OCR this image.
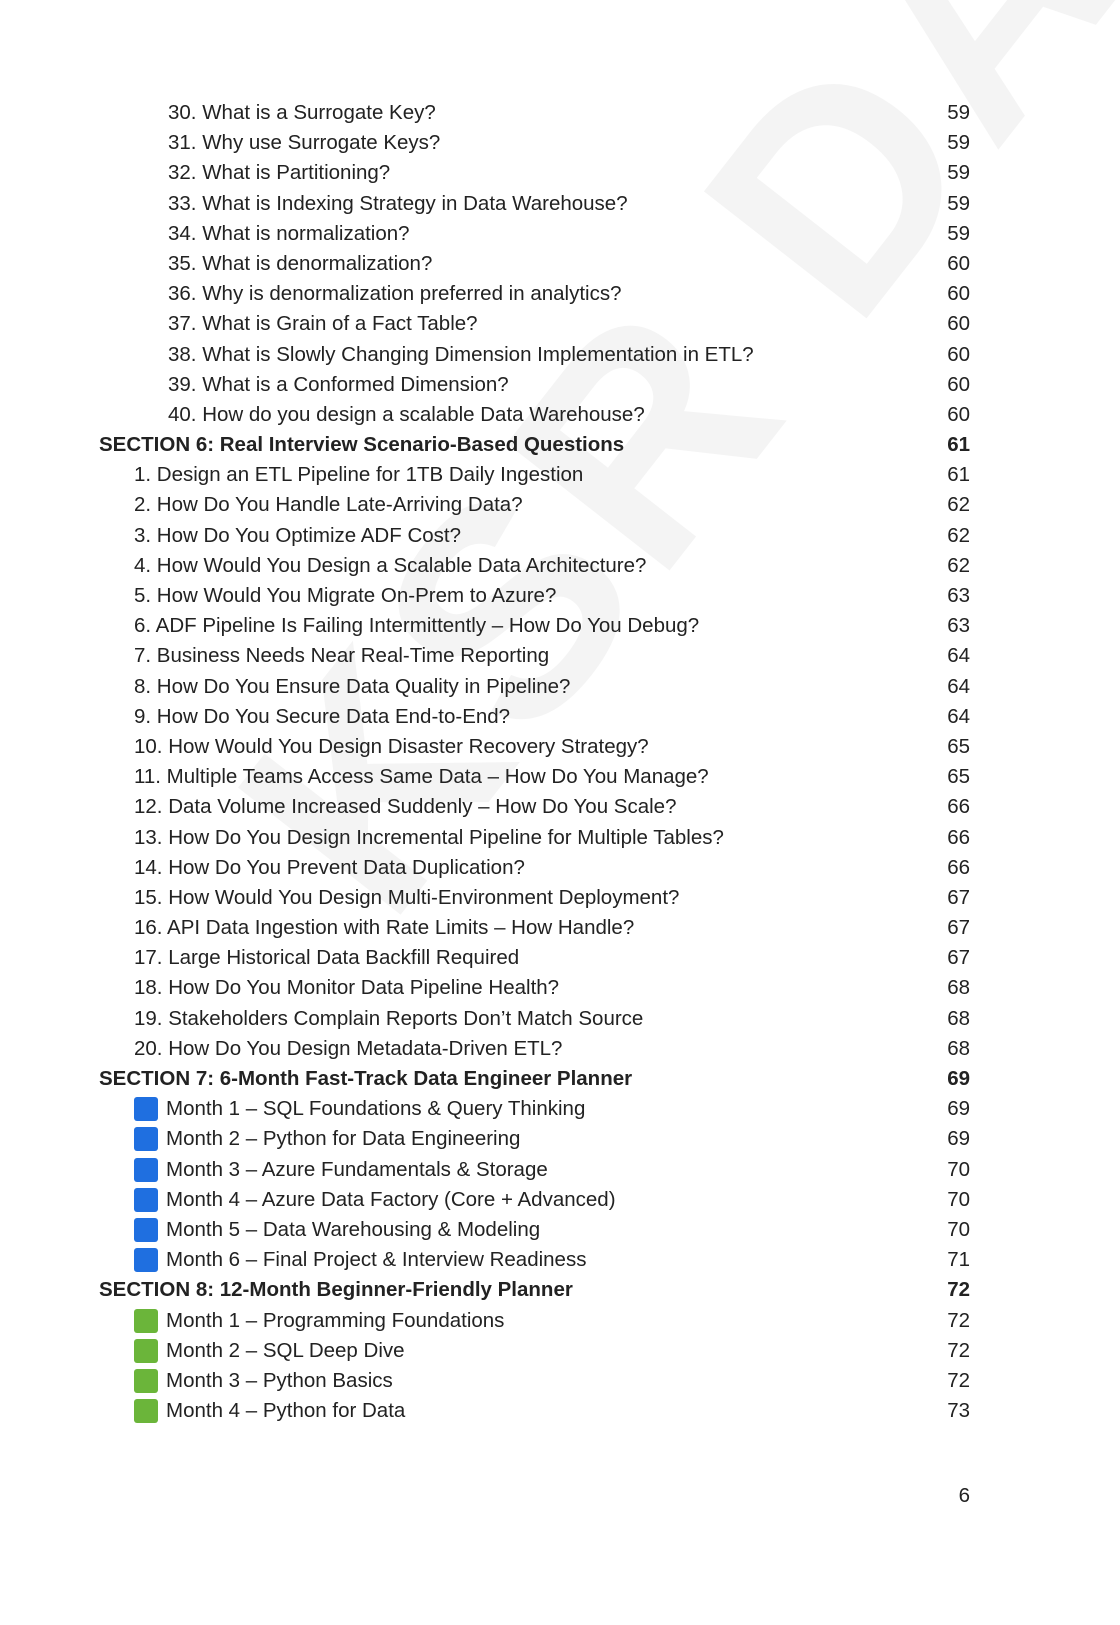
30. What is a Surrogate Key?	59
31. Why use Surrogate Keys?	59
32. What is Partitioning?	59
33. What is Indexing Strategy in Data Warehouse?	59
34. What is normalization?	59
35. What is denormalization?	60
36. Why is denormalization preferred in analytics?	60
37. What is Grain of a Fact Table?	60
38. What is Slowly Changing Dimension Implementation in ETL?	60
39. What is a Conformed Dimension?	60
40. How do you design a scalable Data Warehouse?	60
SECTION 6: Real Interview Scenario-Based Questions	61
1. Design an ETL Pipeline for 1TB Daily Ingestion	61
2. How Do You Handle Late-Arriving Data?	62
3. How Do You Optimize ADF Cost?	62
4. How Would You Design a Scalable Data Architecture?	62
5. How Would You Migrate On-Prem to Azure?	63
6. ADF Pipeline Is Failing Intermittently – How Do You Debug?	63
7. Business Needs Near Real-Time Reporting	64
8. How Do You Ensure Data Quality in Pipeline?	64
9. How Do You Secure Data End-to-End?	64
10. How Would You Design Disaster Recovery Strategy?	65
11. Multiple Teams Access Same Data – How Do You Manage?	65
12. Data Volume Increased Suddenly – How Do You Scale?	66
13. How Do You Design Incremental Pipeline for Multiple Tables?	66
14. How Do You Prevent Data Duplication?	66
15. How Would You Design Multi-Environment Deployment?	67
16. API Data Ingestion with Rate Limits – How Handle?	67
17. Large Historical Data Backfill Required	67
18. How Do You Monitor Data Pipeline Health?	68
19. Stakeholders Complain Reports Don’t Match Source	68
20. How Do You Design Metadata-Driven ETL?	68
SECTION 7: 6-Month Fast-Track Data Engineer Planner	69
Month 1 – SQL Foundations & Query Thinking	69
Month 2 – Python for Data Engineering	69
Month 3 – Azure Fundamentals & Storage	70
Month 4 – Azure Data Factory (Core + Advanced)	70
Month 5 – Data Warehousing & Modeling	70
Month 6 – Final Project & Interview Readiness	71
SECTION 8: 12-Month Beginner-Friendly Planner	72
Month 1 – Programming Foundations	72
Month 2 – SQL Deep Dive	72
Month 3 – Python Basics	72
Month 4 – Python for Data	73
6
